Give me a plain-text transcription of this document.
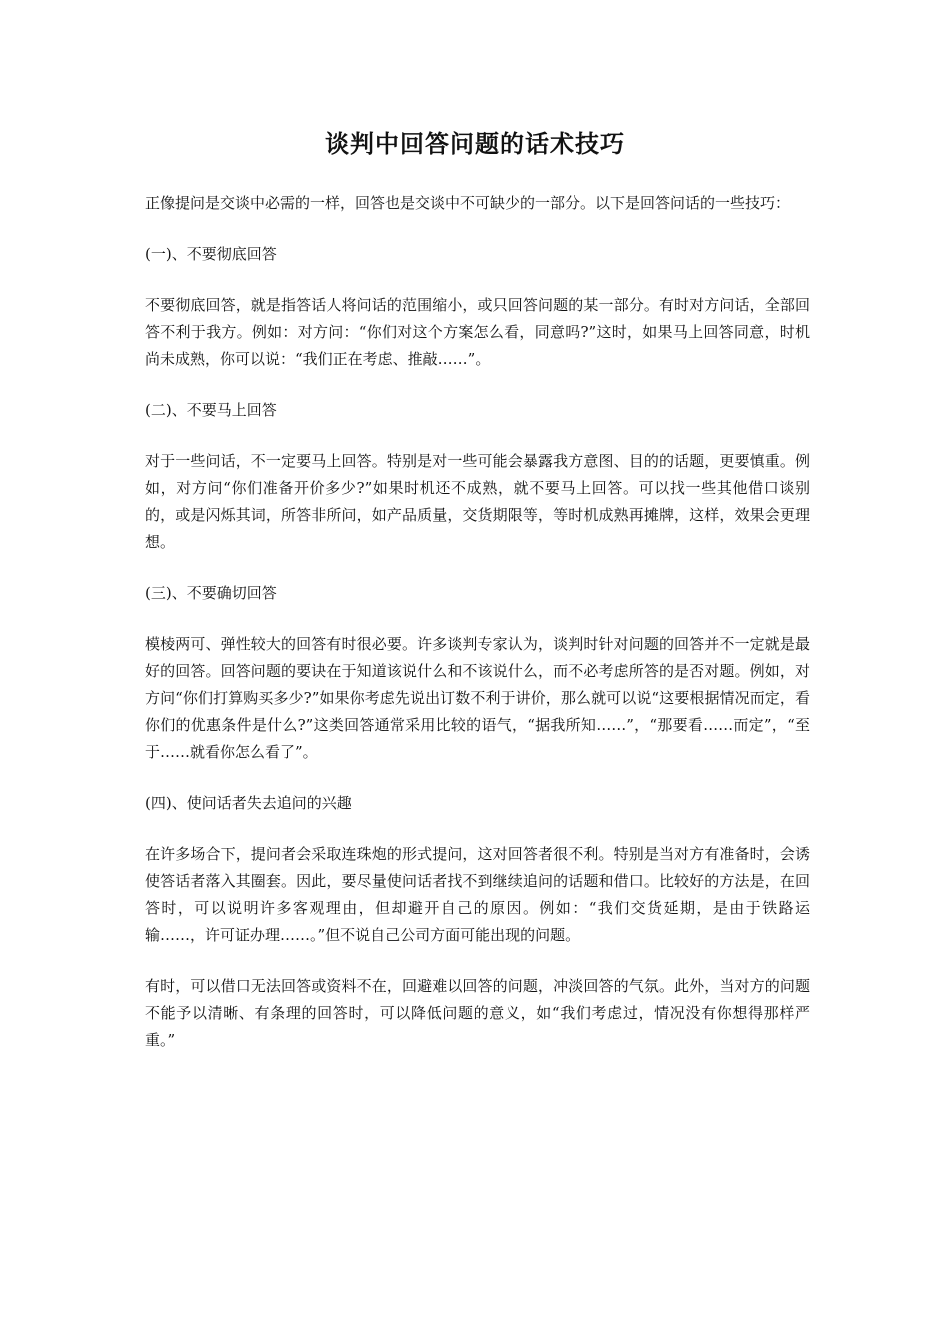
谈判中回答问题的话术技巧

正像提问是交谈中必需的一样，回答也是交谈中不可缺少的一部分。以下是回答问话的一些技巧：

(一)、不要彻底回答

不要彻底回答，就是指答话人将问话的范围缩小，或只回答问题的某一部分。有时对方问话，全部回答不利于我方。例如：对方问：“你们对这个方案怎么看，同意吗?”这时，如果马上回答同意，时机尚未成熟，你可以说：“我们正在考虑、推敲……”。

(二)、不要马上回答

对于一些问话，不一定要马上回答。特别是对一些可能会暴露我方意图、目的的话题，更要慎重。例如，对方问“你们准备开价多少?”如果时机还不成熟，就不要马上回答。可以找一些其他借口谈别的，或是闪烁其词，所答非所问，如产品质量，交货期限等，等时机成熟再摊牌，这样，效果会更理想。

(三)、不要确切回答

模棱两可、弹性较大的回答有时很必要。许多谈判专家认为，谈判时针对问题的回答并不一定就是最好的回答。回答问题的要诀在于知道该说什么和不该说什么，而不必考虑所答的是否对题。例如，对方问“你们打算购买多少?”如果你考虑先说出订数不利于讲价，那么就可以说“这要根据情况而定，看你们的优惠条件是什么?”这类回答通常采用比较的语气，“据我所知……”，“那要看……而定”，“至于……就看你怎么看了”。

(四)、使问话者失去追问的兴趣

在许多场合下，提问者会采取连珠炮的形式提问，这对回答者很不利。特别是当对方有准备时，会诱使答话者落入其圈套。因此，要尽量使问话者找不到继续追问的话题和借口。比较好的方法是，在回答时，可以说明许多客观理由，但却避开自己的原因。例如：“我们交货延期，是由于铁路运输……，许可证办理……。”但不说自己公司方面可能出现的问题。

有时，可以借口无法回答或资料不在，回避难以回答的问题，冲淡回答的气氛。此外，当对方的问题不能予以清晰、有条理的回答时，可以降低问题的意义，如“我们考虑过，情况没有你想得那样严重。”
